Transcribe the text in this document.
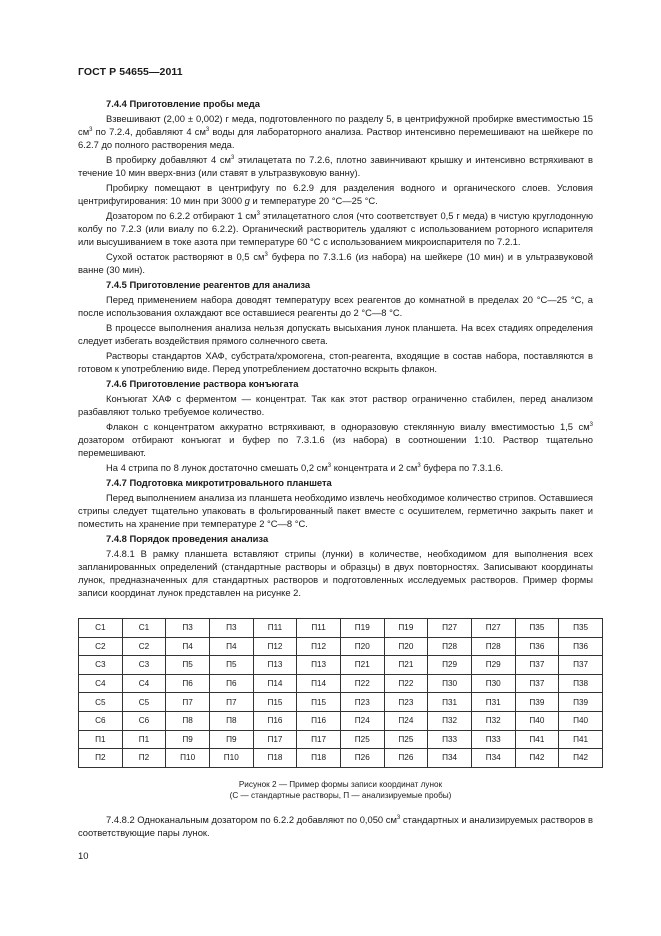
ГОСТ Р 54655—2011
7.4.4 Приготовление пробы меда

Взвешивают (2,00 ± 0,002) г меда, подготовленного по разделу 5, в центрифужной пробирке вместимостью 15 $см^3$ по 7.2.4, добавляют 4 $см^3$ воды для лабораторного анализа. Раствор интенсивно перемешивают на шейкере по 6.2.7 до полного растворения меда.

В пробирку добавляют 4 $см^3$ этилацетата по 7.2.6, плотно завинчивают крышку и интенсивно встряхивают в течение 10 мин вверх-вниз (или ставят в ультразвуковую ванну).

Пробирку помещают в центрифугу по 6.2.9 для разделения водного и органического слоев. Условия центрифугирования: 10 мин при 3000 g и температуре 20 °С—25 °С.

Дозатором по 6.2.2 отбирают 1 $см^3$ этилацетатного слоя (что соответствует 0,5 г меда) в чистую круглодонную колбу по 7.2.3 (или виалу по 6.2.2). Органический растворитель удаляют с использованием роторного испарителя или высушиванием в токе азота при температуре 60 °С с использованием микроиспарителя по 7.2.1.

Сухой остаток растворяют в 0,5 $см^3$ буфера по 7.3.1.6 (из набора) на шейкере (10 мин) и в ультразвуковой ванне (30 мин).

7.4.5 Приготовление реагентов для анализа

Перед применением набора доводят температуру всех реагентов до комнатной в пределах 20 °С—25 °С, а после использования охлаждают все оставшиеся реагенты до 2 °С—8 °С.

В процессе выполнения анализа нельзя допускать высыхания лунок планшета. На всех стадиях определения следует избегать воздействия прямого солнечного света.

Растворы стандартов ХАФ, субстрата/хромогена, стоп-реагента, входящие в состав набора, поставляются в готовом к употреблению виде. Перед употреблением достаточно вскрыть флакон.

7.4.6 Приготовление раствора конъюгата

Конъюгат ХАФ с ферментом — концентрат. Так как этот раствор ограниченно стабилен, перед анализом разбавляют только требуемое количество.

Флакон с концентратом аккуратно встряхивают, в одноразовую стеклянную виалу вместимостью 1,5 $см^3$ дозатором отбирают конъюгат и буфер по 7.3.1.6 (из набора) в соотношении 1:10. Раствор тщательно перемешивают.

На 4 стрипа по 8 лунок достаточно смешать 0,2 $см^3$ концентрата и 2 $см^3$ буфера по 7.3.1.6.

7.4.7 Подготовка микротитровального планшета

Перед выполнением анализа из планшета необходимо извлечь необходимое количество стрипов. Оставшиеся стрипы следует тщательно упаковать в фольгированный пакет вместе с осушителем, герметично закрыть пакет и поместить на хранение при температуре 2 °С—8 °С.

7.4.8 Порядок проведения анализа

7.4.8.1 В рамку планшета вставляют стрипы (лунки) в количестве, необходимом для выполнения всех запланированных определений (стандартные растворы и образцы) в двух повторностях. Записывают координаты лунок, предназначенных для стандартных растворов и подготовленных исследуемых растворов. Пример формы записи координат лунок представлен на рисунке 2.

С1	С1	П3	П3	П11	П11	П19	П19	П27	П27	П35	П35
С2	С2	П4	П4	П12	П12	П20	П20	П28	П28	П36	П36
С3	С3	П5	П5	П13	П13	П21	П21	П29	П29	П37	П37
С4	С4	П6	П6	П14	П14	П22	П22	П30	П30	П37	П38
С5	С5	П7	П7	П15	П15	П23	П23	П31	П31	П39	П39
С6	С6	П8	П8	П16	П16	П24	П24	П32	П32	П40	П40
П1	П1	П9	П9	П17	П17	П25	П25	П33	П33	П41	П41
П2	П2	П10	П10	П18	П18	П26	П26	П34	П34	П42	П42
Рисунок 2 — Пример формы записи координат лунок
(С — стандартные растворы, П — анализируемые пробы)

7.4.8.2 Одноканальным дозатором по 6.2.2 добавляют по 0,050 $см^3$ стандартных и анализируемых растворов в соответствующие пары лунок.

10
